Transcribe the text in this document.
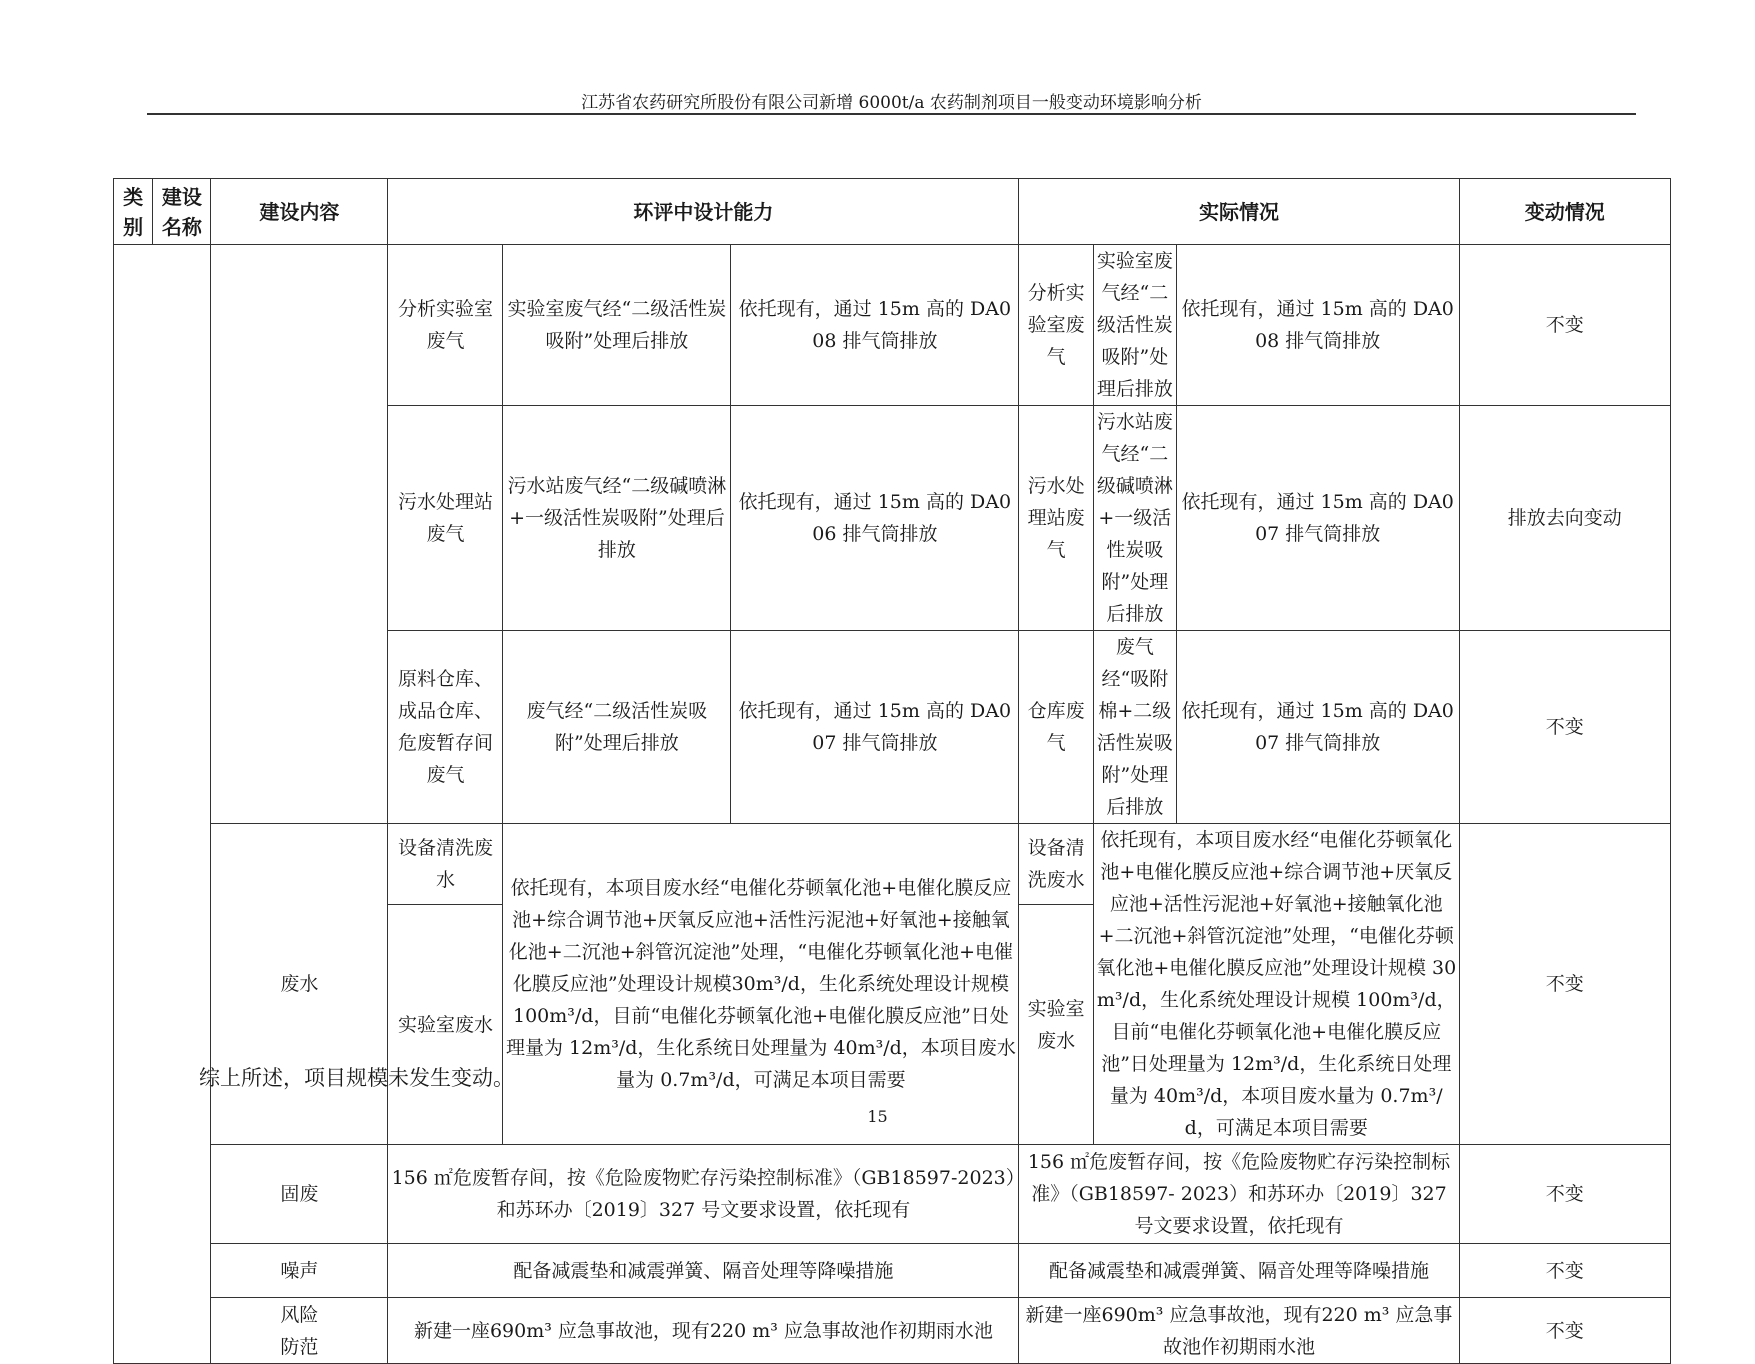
江苏省农药研究所股份有限公司新增 6000t/a 农药制剂项目一般变动环境影响分析
类别	建设名称	建设内容	环评中设计能力			实际情况			变动情况
			分析实验室废气	实验室废气经“二级活性炭吸附”处理后排放	依托现有，通过 15m 高的 DA008 排气筒排放	分析实验室废气	实验室废气经“二级活性炭吸附”处理后排放	依托现有，通过 15m 高的 DA008 排气筒排放	不变
			污水处理站废气	污水站废气经“二级碱喷淋+一级活性炭吸附”处理后排放	依托现有，通过 15m 高的 DA006 排气筒排放	污水处理站废气	污水站废气经“二级碱喷淋+一级活性炭吸附”处理后排放	依托现有，通过 15m 高的 DA007 排气筒排放	排放去向变动
			原料仓库、成品仓库、危废暂存间废气	废气经“二级活性炭吸附”处理后排放	依托现有，通过 15m 高的 DA007 排气筒排放	仓库废气	废气经“吸附棉+二级活性炭吸附”处理后排放	依托现有，通过 15m 高的 DA007 排气筒排放	不变
		废水	设备清洗废水	依托现有，本项目废水经“电催化芬顿氧化池+电催化膜反应池+综合调节池+厌氧反应池+活性污泥池+好氧池+接触氧化池+二沉池+斜管沉淀池”处理，“电催化芬顿氧化池+电催化膜反应池”处理设计规模30m³/d，生化系统处理设计规模 100m³/d，目前“电催化芬顿氧化池+电催化膜反应池”日处理量为 12m³/d，生化系统日处理量为 40m³/d，本项目废水量为 0.7m³/d，可满足本项目需要		设备清洗废水	依托现有，本项目废水经“电催化芬顿氧化池+电催化膜反应池+综合调节池+厌氧反应池+活性污泥池+好氧池+接触氧化池+二沉池+斜管沉淀池”处理，“电催化芬顿氧化池+电催化膜反应池”处理设计规模 30m³/d，生化系统处理设计规模 100m³/d，目前“电催化芬顿氧化池+电催化膜反应池”日处理量为 12m³/d，生化系统日处理量为 40m³/d，本项目废水量为 0.7m³/d，可满足本项目需要		不变
			实验室废水			实验室废水			
		固废	156 ㎡危废暂存间，按《危险废物贮存污染控制标准》（GB18597-2023）和苏环办〔2019〕327 号文要求设置，依托现有			156 ㎡危废暂存间，按《危险废物贮存污染控制标准》（GB18597- 2023）和苏环办〔2019〕327 号文要求设置，依托现有			不变
		噪声	配备减震垫和减震弹簧、隔音处理等降噪措施			配备减震垫和减震弹簧、隔音处理等降噪措施			不变
		风险防范	新建一座690m³ 应急事故池，现有220 m³ 应急事故池作初期雨水池			新建一座690m³ 应急事故池，现有220 m³ 应急事故池作初期雨水池			不变
综上所述，项目规模未发生变动。
15
